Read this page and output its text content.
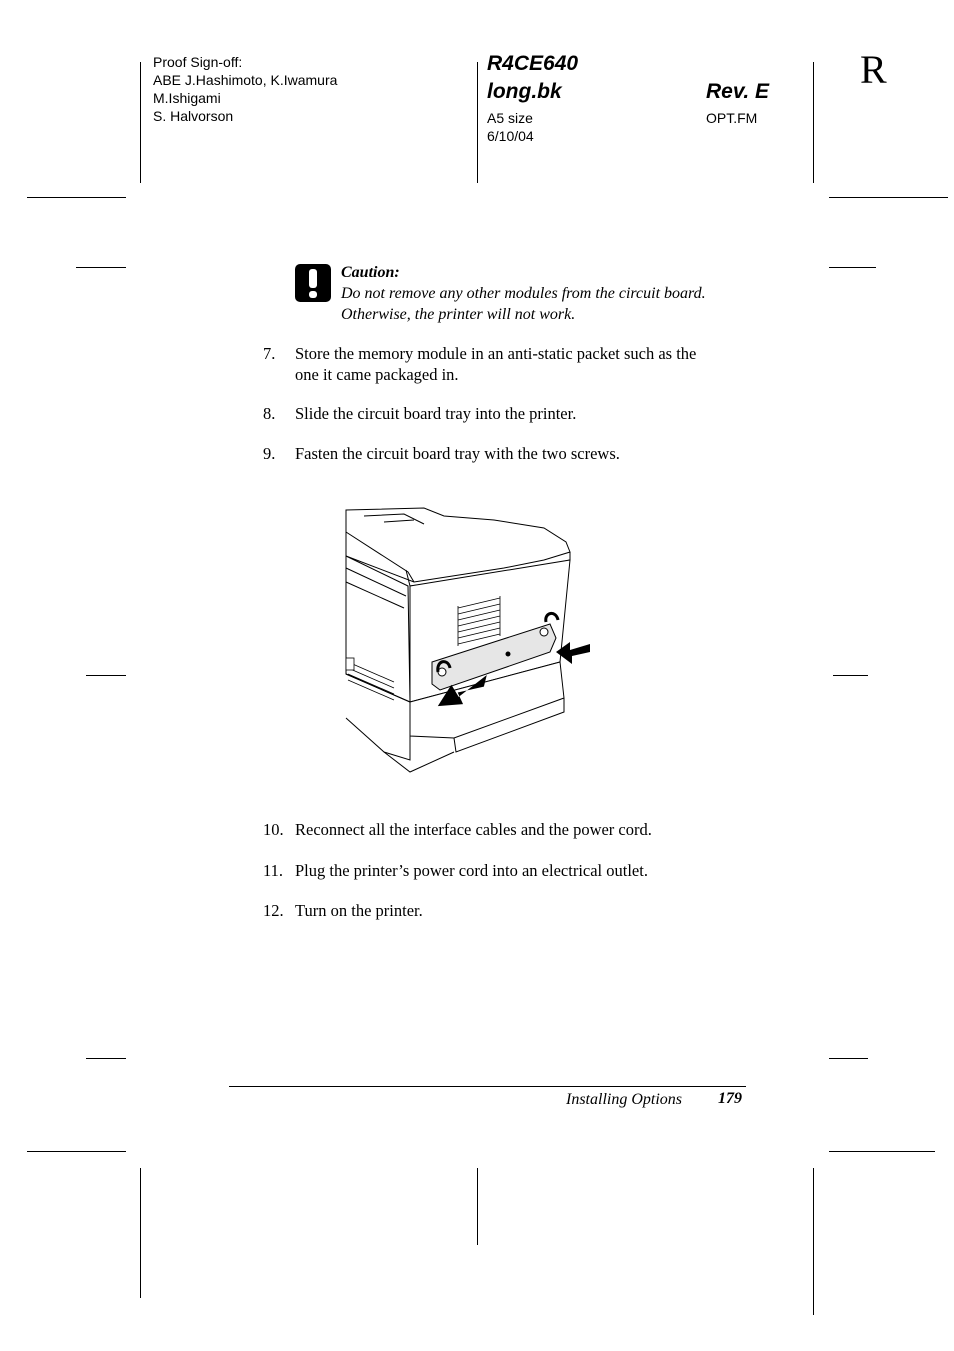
Proof Sign-off:
ABE J.Hashimoto, K.Iwamura
M.Ishigami
S. Halvorson
R4CE640
long.bk	Rev. E
A5 size
6/10/04
OPT.FM
R
Caution:
Do not remove any other modules from the circuit board.
Otherwise, the printer will not work.
7.	Store the memory module in an anti-static packet such as the
one it came packaged in.
8.	Slide the circuit board tray into the printer.
9.	Fasten the circuit board tray with the two screws.
10. Reconnect all the interface cables and the power cord.
11. Plug the printer’s power cord into an electrical outlet.
12. Turn on the printer.
Installing Options 179
